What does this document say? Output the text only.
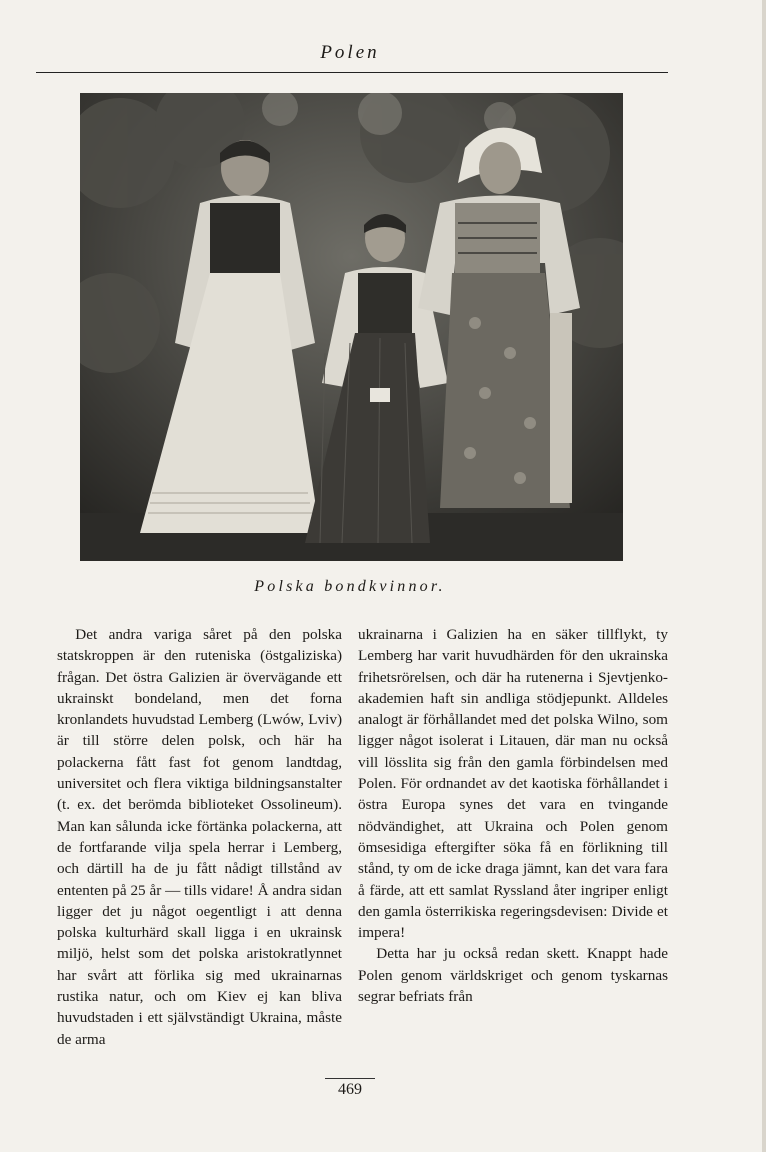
Polen
Polska bondkvinnor.

Det andra variga såret på den polska statskroppen är den ruteniska (östgaliziska) frågan. Det östra Galizien är övervägande ett ukrainskt bondeland, men det forna kronlandets huvudstad Lemberg (Lwów, Lviv) är till större delen polsk, och här ha polackerna fått fast fot genom landtdag, universitet och flera viktiga bildningsanstalter (t. ex. det berömda biblioteket Ossolineum). Man kan sålunda icke förtänka polackerna, att de fortfarande vilja spela herrar i Lemberg, och därtill ha de ju fått nådigt tillstånd av ententen på 25 år — tills vidare! Å andra sidan ligger det ju något oegentligt i att denna polska kulturhärd skall ligga i en ukrainsk miljö, helst som det polska aristokratlynnet har svårt att förlika sig med ukrainarnas rustika natur, och om Kiev ej kan bliva huvudstaden i ett självständigt Ukraina, måste de arma

ukrainarna i Galizien ha en säker tillflykt, ty Lemberg har varit huvudhärden för den ukrainska frihetsrörelsen, och där ha rutenerna i Sjevtjenko-akademien haft sin andliga stödjepunkt. Alldeles analogt är förhållandet med det polska Wilno, som ligger något isolerat i Litauen, där man nu också vill lösslita sig från den gamla förbindelsen med Polen. För ordnandet av det kaotiska förhållandet i östra Europa synes det vara en tvingande nödvändighet, att Ukraina och Polen genom ömsesidiga eftergifter söka få en förlikning till stånd, ty om de icke draga jämnt, kan det vara fara å färde, att ett samlat Ryssland åter ingriper enligt den gamla österrikiska regeringsdevisen: Divide et impera!

Detta har ju också redan skett. Knappt hade Polen genom världskriget och genom tyskarnas segrar befriats från

469
